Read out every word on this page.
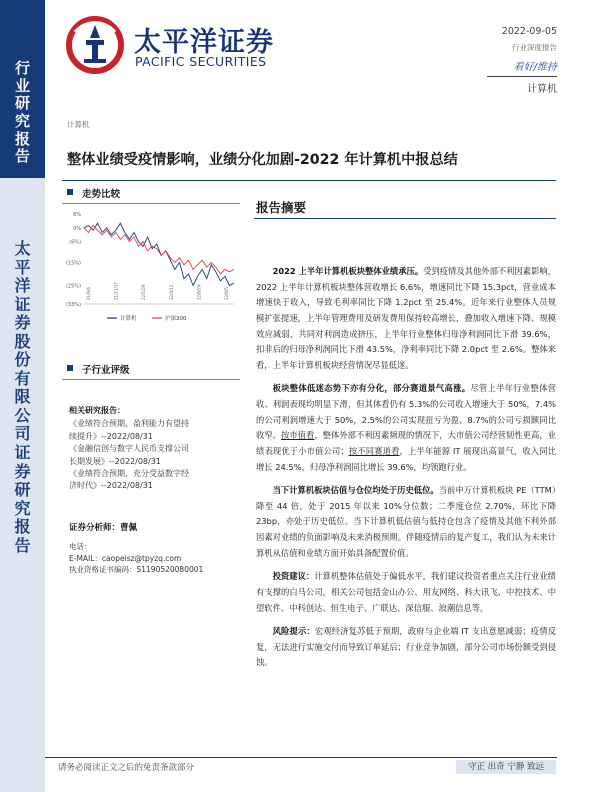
行
业
研
究
报
告
太
平
洋
证
券
股
份
有
限
公
司
证
券
研
究
报
告
太平洋证券
PACIFIC SECURITIES
2022-09-05
行业深度报告
看好/维持
计算机
计算机
整体业绩受疫情影响，业绩分化加剧-2022 年计算机中报总结
走势比较
6%
0%
(6%)
(15%)
(25%)
(33%)
21/9/6	21/11/17	22/1/29	22/4/12	22/6/24	22/9/5
计算机	沪深300
子行业评级
相关研究报告：
《业绩符合预期，盈利能力有望持
续提升》--2022/08/31
《金融信创与数字人民币支撑公司
长期发展》--2022/08/31
《业绩符合预期，充分受益数字经
济时代》--2022/08/31
证券分析师：曹佩
电话：
E-MAIL：caopeisz@tpyzq.com
执业资格证书编码：S1190520080001
报告摘要

2022 上半年计算机板块整体业绩承压。受到疫情及其他外部不利因素影响，2022 上半年计算机板块整体营收增长 6.6%，增速同比下降 15.3pct，营业成本增速快于收入，导致毛利率同比下降 1.2pct 至 25.4%。近年来行业整体人员规模扩张提速，上半年管理费用及研发费用保持较高增长，叠加收入增速下降、规模效应减弱，共同对利润造成挤压，上半年行业整体归母净利润同比下滑 39.6%，扣非后的归母净利润同比下滑 43.5%，净利率同比下降 2.0pct 至 2.6%。整体来看，上半年计算机板块经营情况尽显低迷。

板块整体低迷态势下亦有分化，部分赛道景气高涨。尽管上半年行业整体营收、利润表现均明显下滑，但其体看仍有 5.3%的公司收入增速大于 50%，7.4%的公司利润增速大于 50%，2.5%的公司实现扭亏为盈、8.7%的公司亏损额同比收窄。按市值看，整体外部不利因素频现的情况下，大市值公司经营韧性更高，业绩表现优于小市值公司；按不同赛道看，上半年能源 IT 展现出高景气，收入同比增长 24.5%，归母净利润同比增长 39.6%，均领跑行业。

当下计算机板块估值与仓位均处于历史低位。当前申万计算机板块 PE（TTM）降至 44 倍，处于 2015 年以来 10%分位数；二季度仓位 2.70%，环比下降 23bp，亦处于历史低位。当下计算机低估值与低持仓包含了疫情及其他不利外部因素对业绩的负面影响及未来消极预期。伴随疫情后的复产复工，我们认为未来计算机从估值和业绩方面开始具备配置价值。

投资建议：计算机整体估值处于偏低水平，我们建议投资者重点关注行业业绩有支撑的白马公司，相关公司包括金山办公、用友网络、科大讯飞、中控技术、中望软件、中科创达、恒生电子、广联达、深信服、浪潮信息等。

风险提示：宏观经济复苏低于预期，政府与企业端 IT 支出意愿减弱；疫情反复，无法进行实施交付而导致订单延后；行业竞争加剧，部分公司市场份额受到侵蚀。

请务必阅读正文之后的免责条款部分	守正 出奇 宁静 致远
